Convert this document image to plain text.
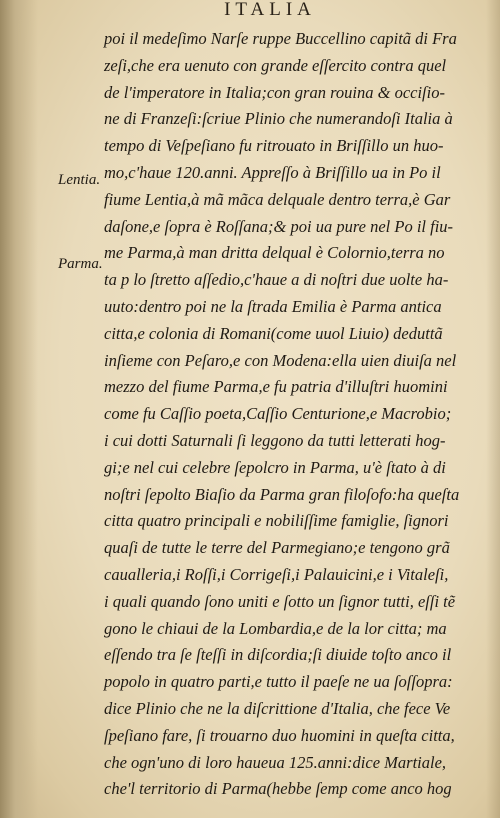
ITALIA
Lentia.
Parma.
poi il medeſimo Narſe ruppe Buccellino capitã di Fra
zeſi,che era uenuto con grande eſſercito contra quel
de l'imperatore in Italia;con gran rouina & occiſio-
ne di Franzeſi:ſcriue Plinio che numerandoſi Italia à
tempo di Veſpeſiano fu ritrouato in Briſſillo un huo-
mo,c'haue 120.anni. Appreſſo à Briſſillo ua in Po il
fiume Lentia,à mã mãca delquale dentro terra,è Gar
daſone,e ſopra è Roſſana;& poi ua pure nel Po il fiu-
me Parma,à man dritta delqual è Colornio,terra no
ta p lo ſtretto aſſedio,c'haue a di noſtri due uolte ha-
uuto:dentro poi ne la ſtrada Emilia è Parma antica
citta,e colonia di Romani(come uuol Liuio) deduttã
inſieme con Peſaro,e con Modena:ella uien diuiſa nel
mezzo del fiume Parma,e fu patria d'illuſtri huomini
come fu Caſſio poeta,Caſſio Centurione,e Macrobio;
i cui dotti Saturnali ſi leggono da tutti letterati hog-
gi;e nel cui celebre ſepolcro in Parma, u'è ſtato à di
noſtri ſepolto Biaſio da Parma gran filoſofo:ha queſta
citta quatro principali e nobiliſſime famiglie, ſignori
quaſi de tutte le terre del Parmegiano;e tengono grã
caualleria,i Roſſi,i Corrigeſi,i Palauicini,e i Vitaleſi,
i quali quando ſono uniti e ſotto un ſignor tutti, eſſi tẽ
gono le chiaui de la Lombardia,e de la lor citta; ma
eſſendo tra ſe ſteſſi in diſcordia;ſi diuide toſto anco il
popolo in quatro parti,e tutto il paeſe ne ua ſoſſopra:
dice Plinio che ne la diſcrittione d'Italia, che fece Ve
ſpeſiano fare, ſi trouarno duo huomini in queſta citta,
che ogn'uno di loro haueua 125.anni:dice Martiale,
che'l territorio di Parma(hebbe ſemp come anco hog
